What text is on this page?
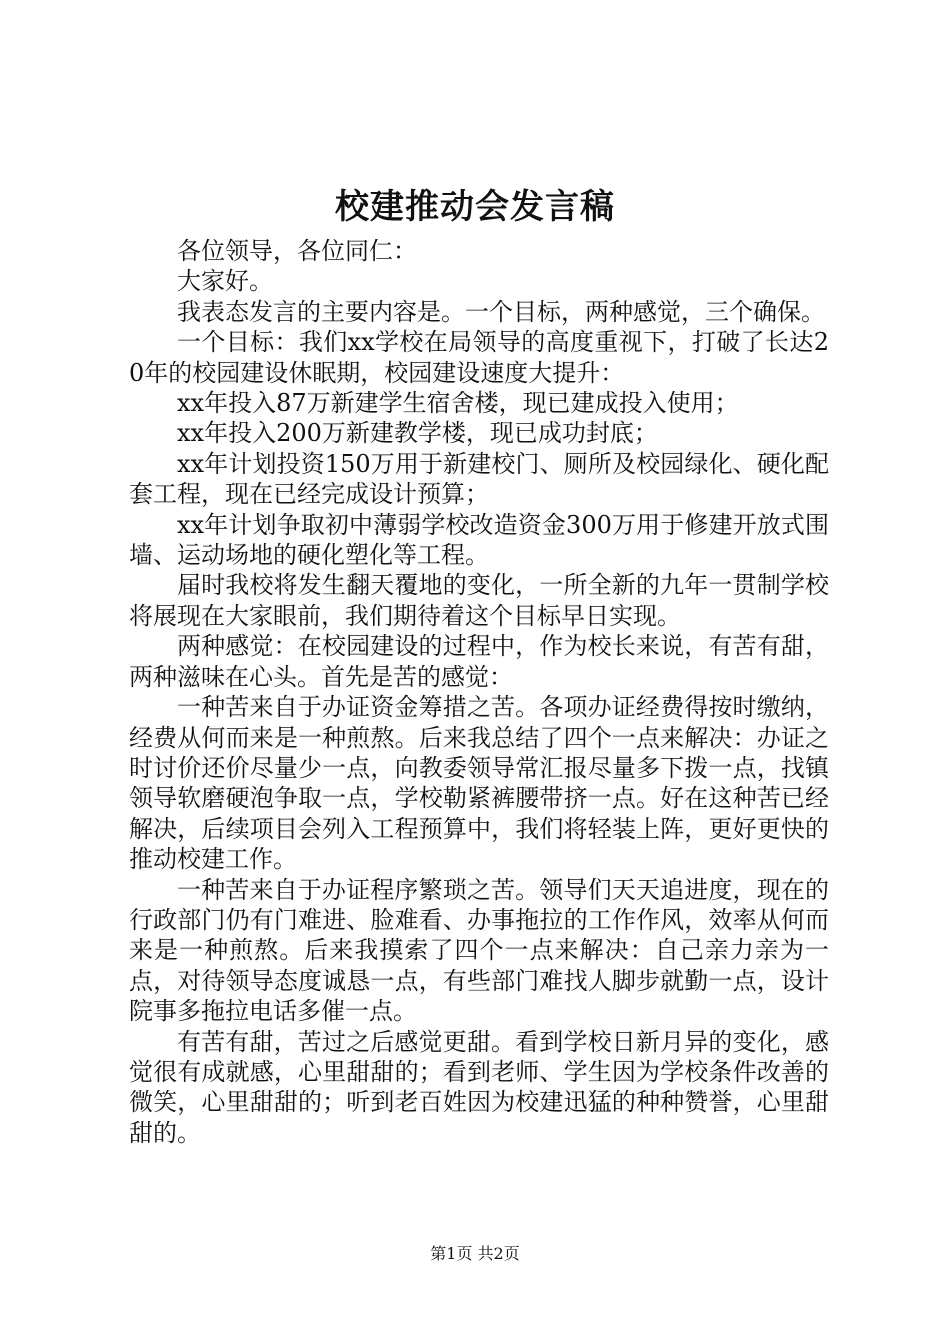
校建推动会发言稿

各位领导，各位同仁：

大家好。

我表态发言的主要内容是。一个目标，两种感觉，三个确保。

一个目标：我们xx学校在局领导的高度重视下，打破了长达20年的校园建设休眠期，校园建设速度大提升：

xx年投入87万新建学生宿舍楼，现已建成投入使用；

xx年投入200万新建教学楼，现已成功封底；

xx年计划投资150万用于新建校门、厕所及校园绿化、硬化配套工程，现在已经完成设计预算；

xx年计划争取初中薄弱学校改造资金300万用于修建开放式围墙、运动场地的硬化塑化等工程。

届时我校将发生翻天覆地的变化，一所全新的九年一贯制学校将展现在大家眼前，我们期待着这个目标早日实现。

两种感觉：在校园建设的过程中，作为校长来说，有苦有甜，两种滋味在心头。首先是苦的感觉：

一种苦来自于办证资金筹措之苦。各项办证经费得按时缴纳，经费从何而来是一种煎熬。后来我总结了四个一点来解决：办证之时讨价还价尽量少一点，向教委领导常汇报尽量多下拨一点，找镇领导软磨硬泡争取一点，学校勒紧裤腰带挤一点。好在这种苦已经解决，后续项目会列入工程预算中，我们将轻装上阵，更好更快的推动校建工作。

一种苦来自于办证程序繁琐之苦。领导们天天追进度，现在的行政部门仍有门难进、脸难看、办事拖拉的工作作风，效率从何而来是一种煎熬。后来我摸索了四个一点来解决：自己亲力亲为一点，对待领导态度诚恳一点，有些部门难找人脚步就勤一点，设计院事多拖拉电话多催一点。

有苦有甜，苦过之后感觉更甜。看到学校日新月异的变化，感觉很有成就感，心里甜甜的；看到老师、学生因为学校条件改善的微笑，心里甜甜的；听到老百姓因为校建迅猛的种种赞誉，心里甜甜的。

第1页 共2页
